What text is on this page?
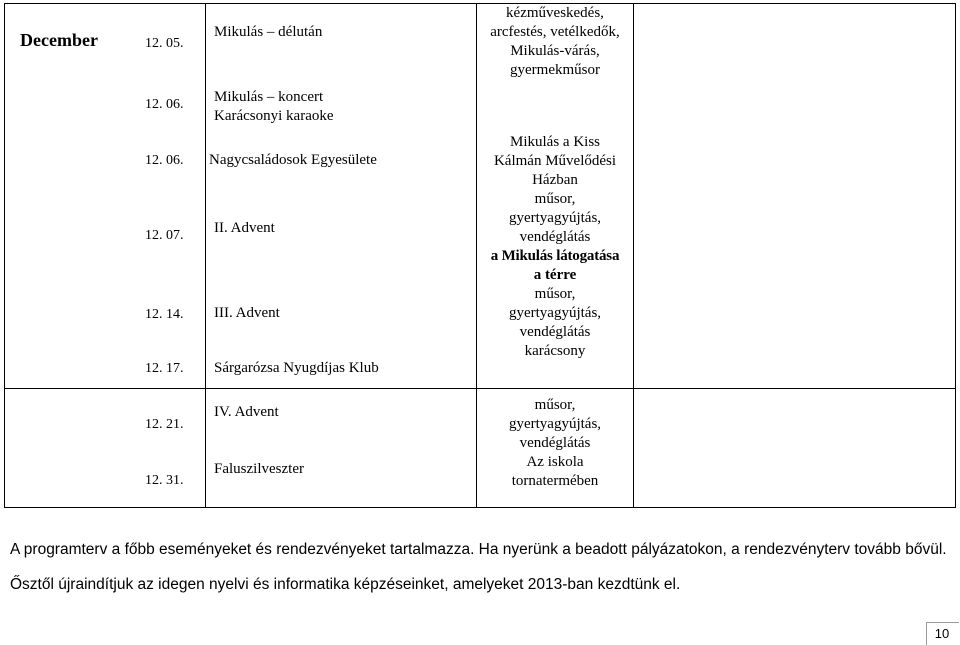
December	12. 05.
12. 06.
12. 06.
12. 07.
12. 14.
12. 17.
12. 21.
12. 31.
Mikulás – délután
Mikulás – koncert
Karácsonyi karaoke
Nagycsaládosok Egyesülete
II. Advent
III. Advent
Sárgarózsa Nyugdíjas Klub
IV. Advent
Faluszilveszter
kézműveskedés,
arcfestés, vetélkedők,
Mikulás-várás,
gyermekműsor
Mikulás a Kiss
Kálmán Művelődési
Házban
műsor,
gyertyagyújtás,
vendéglátás
a Mikulás látogatása
a térre
műsor,
gyertyagyújtás,
vendéglátás
karácsony
műsor,
gyertyagyújtás,
vendéglátás
Az iskola
tornatermében
A programterv a főbb eseményeket és rendezvényeket tartalmazza. Ha nyerünk a beadott pályázatokon, a rendezvényterv tovább bővül.
Ősztől újraindítjuk az idegen nyelvi és informatika képzéseinket, amelyeket 2013-ban kezdtünk el.
10
